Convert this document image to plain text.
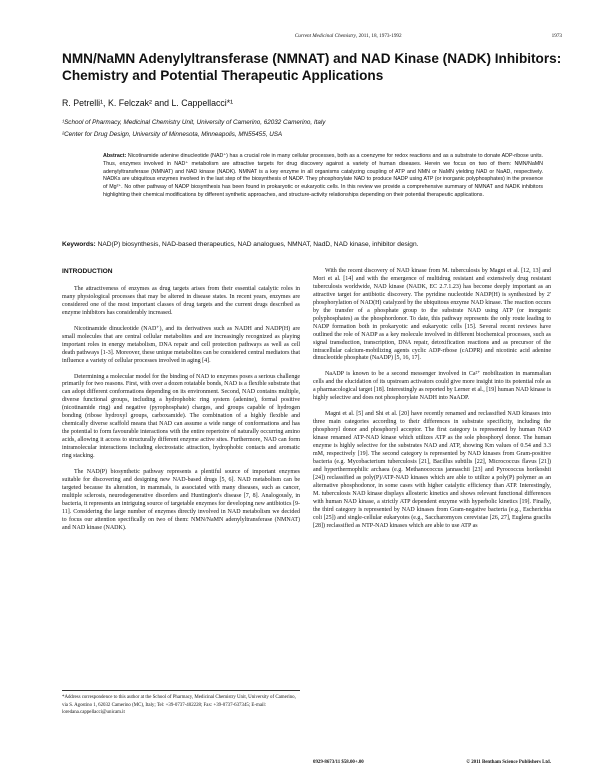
Current Medicinal Chemistry, 2011, 18, 1973-1992	1973
NMN/NaMN Adenylyltransferase (NMNAT) and NAD Kinase (NADK) Inhibitors: Chemistry and Potential Therapeutic Applications
R. Petrelli¹, K. Felczak² and L. Cappellacci*¹
¹School of Pharmacy, Medicinal Chemistry Unit, University of Camerino, 62032 Camerino, Italy
²Center for Drug Design, University of Minnesota, Minneapolis, MN55455, USA
Abstract: Nicotinamide adenine dinucleotide (NAD⁺) has a crucial role in many cellular processes, both as a coenzyme for redox reactions and as a substrate to donate ADP-ribose units. Thus, enzymes involved in NAD⁺ metabolism are attractive targets for drug discovery against a variety of human diseases. Herein we focus on two of them: NMN/NaMN adenylyltransferase (NMNAT) and NAD kinase (NADK). NMNAT is a key enzyme in all organisms catalyzing coupling of ATP and NMN or NaMN yielding NAD or NaAD, respectively. NADKs are ubiquitous enzymes involved in the last step of the biosynthesis of NADP. They phosphorylate NAD to produce NADP using ATP (or inorganic polyphosphates) in the presence of Mg²⁺. No other pathway of NADP biosynthesis has been found in prokaryotic or eukaryotic cells. In this review we provide a comprehensive summary of NMNAT and NADK inhibitors highlighting their chemical modifications by different synthetic approaches, and structure-activity relationships depending on their potential therapeutic applications.
Keywords: NAD(P) biosynthesis, NAD-based therapeutics, NAD analogues, NMNAT, NadD, NAD kinase, inhibitor design.
INTRODUCTION

The attractiveness of enzymes as drug targets arises from their essential catalytic roles in many physiological processes that may be altered in disease states. In recent years, enzymes are considered one of the most important classes of drug targets and the current drugs described as enzyme inhibitors has considerably increased.

Nicotinamide dinucleotide (NAD⁺), and its derivatives such as NADH and NADP(H) are small molecules that are central cellular metabolites and are increasingly recognized as playing important roles in energy metabolism, DNA repair and cell protection pathways as well as cell death pathways [1-3]. Moreover, these unique metabolites can be considered central mediators that influence a variety of cellular processes involved in aging [4].

Determining a molecular model for the binding of NAD to enzymes poses a serious challenge primarily for two reasons. First, with over a dozen rotatable bonds, NAD is a flexible substrate that can adopt different conformations depending on its environment. Second, NAD contains multiple, diverse functional groups, including a hydrophobic ring system (adenine), formal positive (nicotinamide ring) and negative (pyrophosphate) charges, and groups capable of hydrogen bonding (ribose hydroxyl groups, carboxamide). The combination of a highly flexible and chemically diverse scaffold means that NAD can assume a wide range of conformations and has the potential to form favourable interactions with the entire repertoire of naturally occurring amino acids, allowing it access to structurally different enzyme active sites. Furthermore, NAD can form intramolecular interactions including electrostatic attraction, hydrophobic contacts and aromatic ring stacking.

The NAD(P) biosynthetic pathway represents a plentiful source of important enzymes suitable for discovering and designing new NAD-based drugs [5, 6]. NAD metabolism can be targeted because its alteration, in mammals, is associated with many diseases, such as cancer, multiple sclerosis, neurodegenerative disorders and Huntington's disease [7, 8]. Analogously, in bacteria, it represents an intriguing source of targetable enzymes for developing new antibiotics [9-11]. Considering the large number of enzymes directly involved in NAD metabolism we decided to focus our attention specifically on two of them: NMN/NaMN adenylyltransferase (NMNAT) and NAD kinase (NADK).

*Address correspondence to this author at the School of Pharmacy, Medicinal Chemistry Unit, University of Camerino, via S. Agostino 1, 62032 Camerino (MC), Italy; Tel: +39-0737-402228; Fax: +39-0737-637345; E-mail: loredana.cappellacci@unicam.it

With the recent discovery of NAD kinase from M. tuberculosis by Magni et al. [12, 13] and Mori et al. [14] and with the emergence of multidrug resistant and extensively drug resistant tuberculosis worldwide, NAD kinase (NADK, EC 2.7.1.23) has become deeply important as an attractive target for antibiotic discovery. The pyridine nucleotide NADP(H) is synthesized by 2' phosphorylation of NAD(H) catalyzed by the ubiquitous enzyme NAD kinase. The reaction occurs by the transfer of a phosphate group to the substrate NAD using ATP (or inorganic polyphosphates) as the phosphordonor. To date, this pathway represents the only route leading to NADP formation both in prokaryotic and eukaryotic cells [15]. Several recent reviews have outlined the role of NADP as a key molecule involved in different biochemical processes, such as signal transduction, transcription, DNA repair, detoxification reactions and as precursor of the intracellular calcium-mobilizing agents cyclic ADP-ribose (cADPR) and nicotinic acid adenine dinucleotide phosphate (NaADP) [5, 16, 17].

NaADP is known to be a second messenger involved in Ca²⁺ mobilization in mammalian cells and the elucidation of its upstream activators could give more insight into its potential role as a pharmacological target [18]. Interestingly as reported by Lerner et al., [19] human NAD kinase is highly selective and does not phosphorylate NADH into NaADP.

Magni et al. [5] and Shi et al. [20] have recently renamed and reclassified NAD kinases into three main categories according to their differences in substrate specificity, including the phosphoryl donor and phosphoryl acceptor. The first category is represented by human NAD kinase renamed ATP-NAD kinase which utilizes ATP as the sole phosphoryl donor. The human enzyme is highly selective for the substrates NAD and ATP, showing Km values of 0.54 and 3.3 mM, respectively [19]. The second category is represented by NAD kinases from Gram-positive bacteria (e.g. Mycobacterium tuberculosis [21], Bacillus subtilis [22], Micrococcus flavus [21]) and hyperthermophilic archaea (e.g. Methanococcus jannaschii [23] and Pyrococcus horikoshii [24]) reclassified as poly(P)/ATP-NAD kinases which are able to utilize a poly(P) polymer as an alternative phosphodonor, in some cases with higher catalytic efficiency than ATP. Interestingly, M. tuberculosis NAD kinase displays allosteric kinetics and shows relevant functional differences with human NAD kinase, a strictly ATP dependent enzyme with hyperbolic kinetics [19]. Finally, the third category is represented by NAD kinases from Gram-negative bacteria (e.g., Escherichia coli [25]) and single-cellular eukaryotes (e.g., Saccharomyces cerevisiae [26, 27], Euglena gracilis [28]) reclassified as NTP-NAD kinases which are able to use ATP as

0929-8673/11 $58.00+.00	© 2011 Bentham Science Publishers Ltd.
